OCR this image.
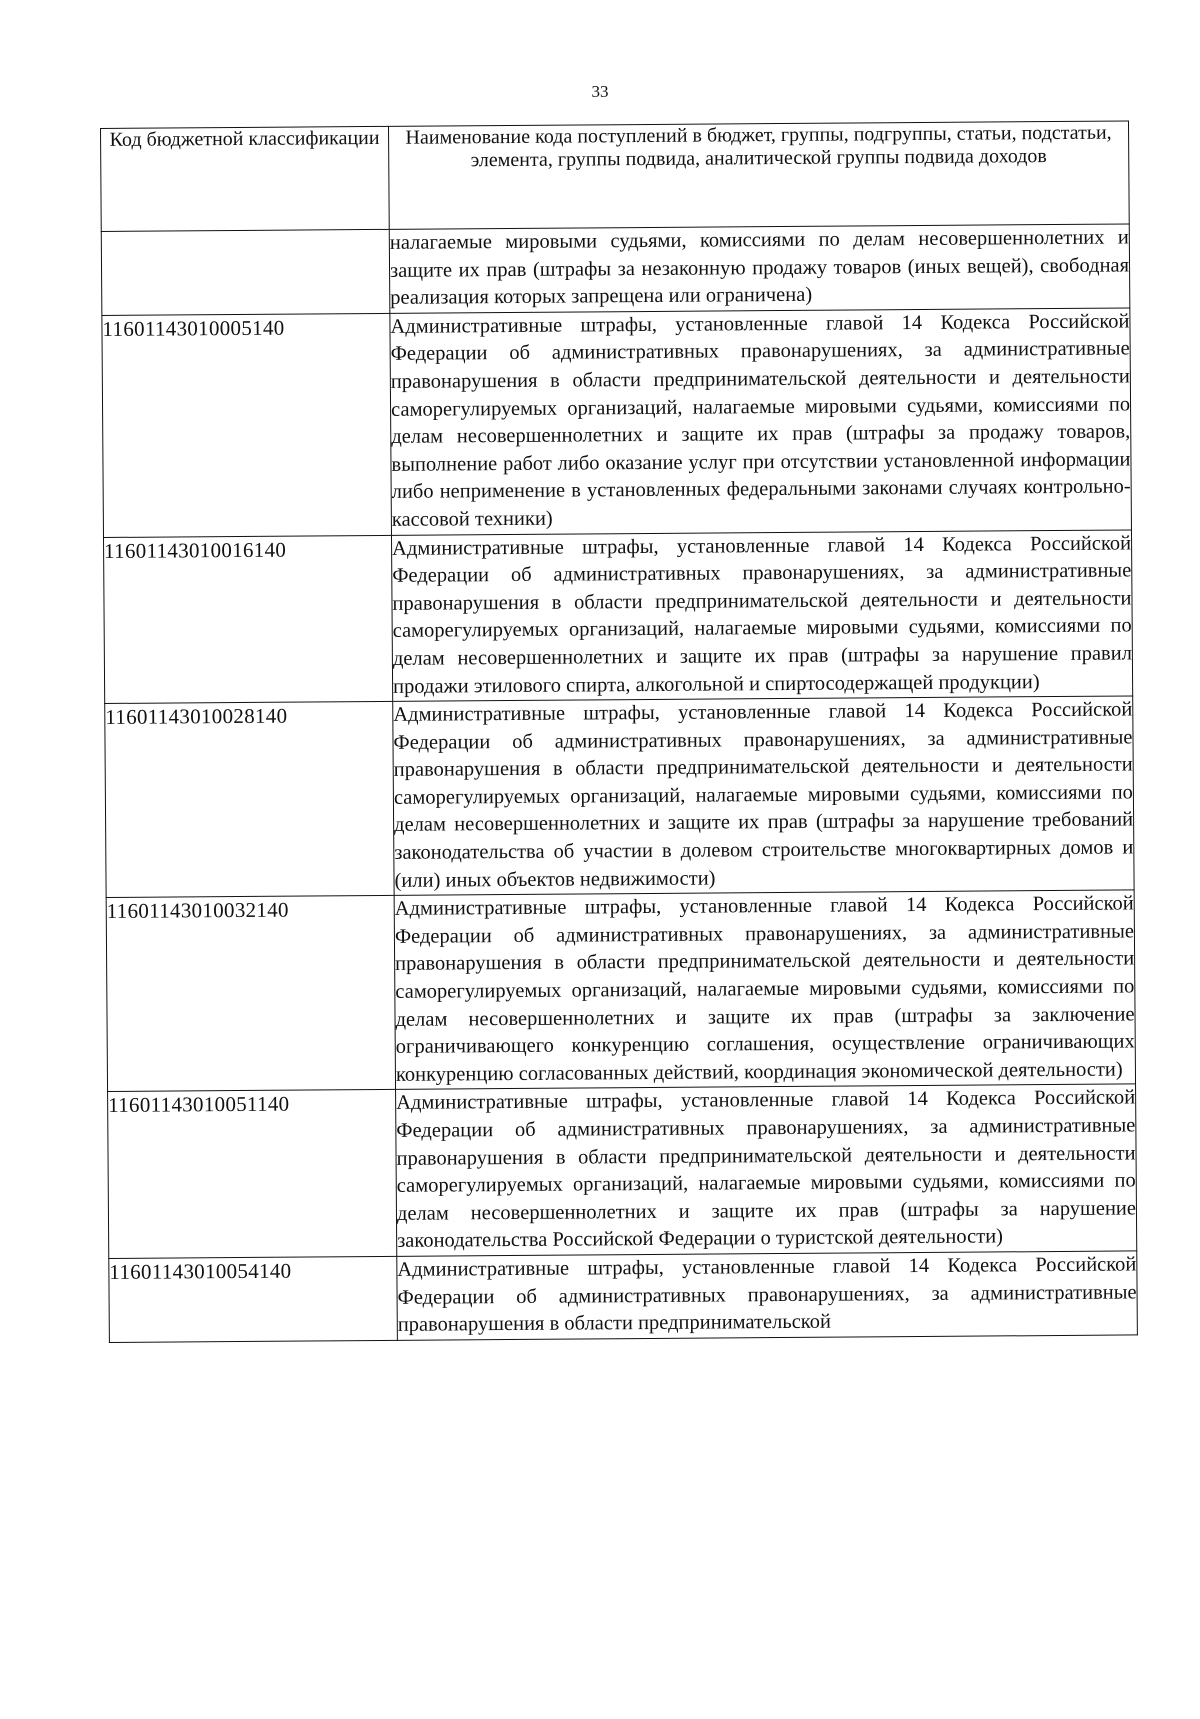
33
Код бюджетной классификации	Наименование кода поступлений в бюджет, группы, подгруппы, статьи, подстатьи, элемента, группы подвида, аналитической группы подвида доходов
	налагаемые мировыми судьями, комиссиями по делам несовершеннолетних и защите их прав (штрафы за незаконную продажу товаров (иных вещей), свободная реализация которых запрещена или ограничена)
11601143010005140	Административные штрафы, установленные главой 14 Кодекса Российской Федерации об административных правонарушениях, за административные правонарушения в области предпринимательской деятельности и деятельности саморегулируемых организаций, налагаемые мировыми судьями, комиссиями по делам несовершеннолетних и защите их прав (штрафы за продажу товаров, выполнение работ либо оказание услуг при отсутствии установленной информации либо неприменение в установленных федеральными законами случаях контрольно-кассовой техники)
11601143010016140	Административные штрафы, установленные главой 14 Кодекса Российской Федерации об административных правонарушениях, за административные правонарушения в области предпринимательской деятельности и деятельности саморегулируемых организаций, налагаемые мировыми судьями, комиссиями по делам несовершеннолетних и защите их прав (штрафы за нарушение правил продажи этилового спирта, алкогольной и спиртосодержащей продукции)
11601143010028140	Административные штрафы, установленные главой 14 Кодекса Российской Федерации об административных правонарушениях, за административные правонарушения в области предпринимательской деятельности и деятельности саморегулируемых организаций, налагаемые мировыми судьями, комиссиями по делам несовершеннолетних и защите их прав (штрафы за нарушение требований законодательства об участии в долевом строительстве многоквартирных домов и (или) иных объектов недвижимости)
11601143010032140	Административные штрафы, установленные главой 14 Кодекса Российской Федерации об административных правонарушениях, за административные правонарушения в области предпринимательской деятельности и деятельности саморегулируемых организаций, налагаемые мировыми судьями, комиссиями по делам несовершеннолетних и защите их прав (штрафы за заключение ограничивающего конкуренцию соглашения, осуществление ограничивающих конкуренцию согласованных действий, координация экономической деятельности)
11601143010051140	Административные штрафы, установленные главой 14 Кодекса Российской Федерации об административных правонарушениях, за административные правонарушения в области предпринимательской деятельности и деятельности саморегулируемых организаций, налагаемые мировыми судьями, комиссиями по делам несовершеннолетних и защите их прав (штрафы за нарушение законодательства Российской Федерации о туристской деятельности)
11601143010054140	Административные штрафы, установленные главой 14 Кодекса Российской Федерации об административных правонарушениях, за административные правонарушения в области предпринимательской
